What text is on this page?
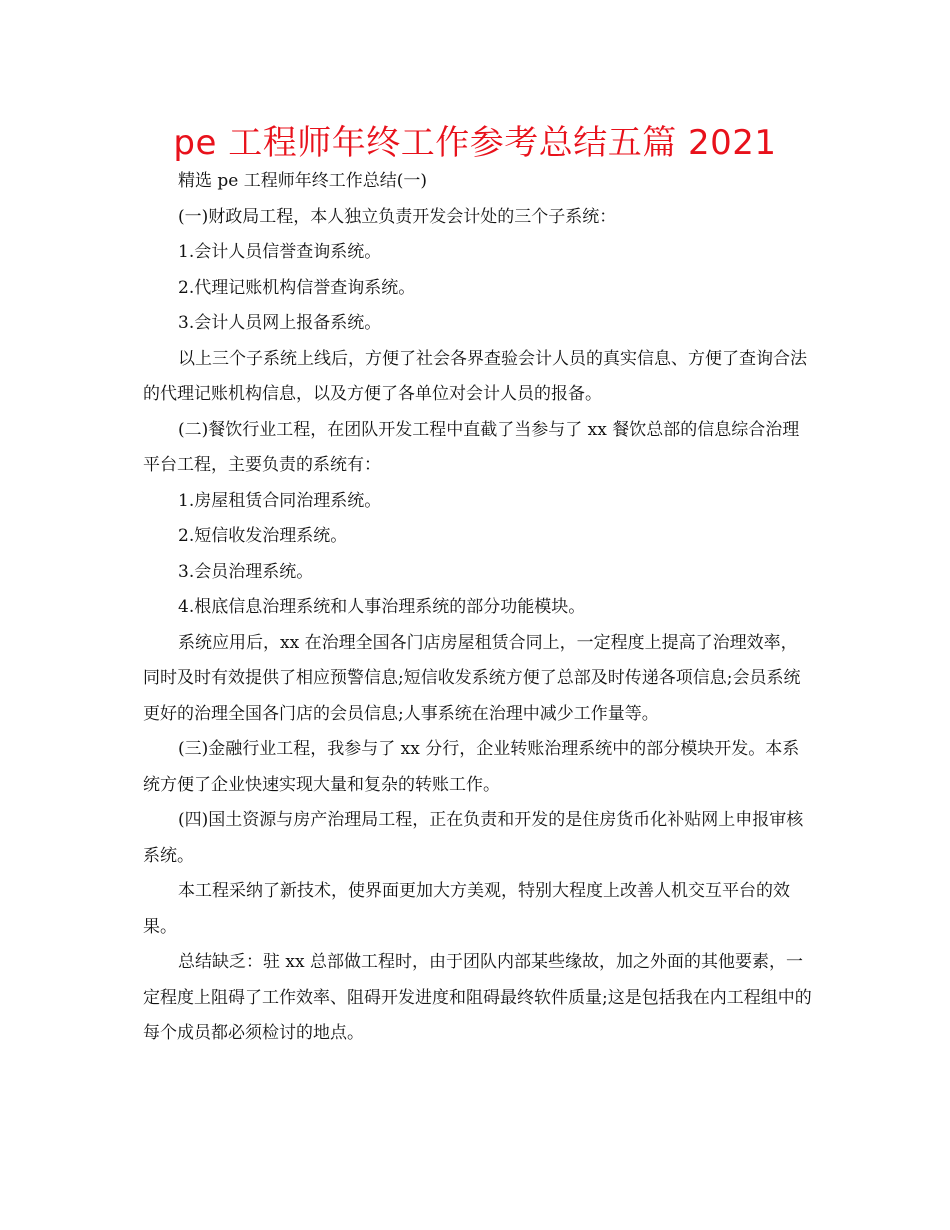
pe 工程师年终工作参考总结五篇 2021

精选 pe 工程师年终工作总结(一)

(一)财政局工程，本人独立负责开发会计处的三个子系统：

1.会计人员信誉查询系统。

2.代理记账机构信誉查询系统。

3.会计人员网上报备系统。

以上三个子系统上线后，方便了社会各界查验会计人员的真实信息、方便了查询合法的代理记账机构信息，以及方便了各单位对会计人员的报备。

(二)餐饮行业工程，在团队开发工程中直截了当参与了 xx 餐饮总部的信息综合治理平台工程，主要负责的系统有：

1.房屋租赁合同治理系统。

2.短信收发治理系统。

3.会员治理系统。

4.根底信息治理系统和人事治理系统的部分功能模块。

系统应用后，xx 在治理全国各门店房屋租赁合同上，一定程度上提高了治理效率，同时及时有效提供了相应预警信息;短信收发系统方便了总部及时传递各项信息;会员系统更好的治理全国各门店的会员信息;人事系统在治理中减少工作量等。

(三)金融行业工程，我参与了 xx 分行，企业转账治理系统中的部分模块开发。本系统方便了企业快速实现大量和复杂的转账工作。

(四)国土资源与房产治理局工程，正在负责和开发的是住房货币化补贴网上申报审核系统。

本工程采纳了新技术，使界面更加大方美观，特别大程度上改善人机交互平台的效果。

总结缺乏：驻 xx 总部做工程时，由于团队内部某些缘故，加之外面的其他要素，一定程度上阻碍了工作效率、阻碍开发进度和阻碍最终软件质量;这是包括我在内工程组中的每个成员都必须检讨的地点。
